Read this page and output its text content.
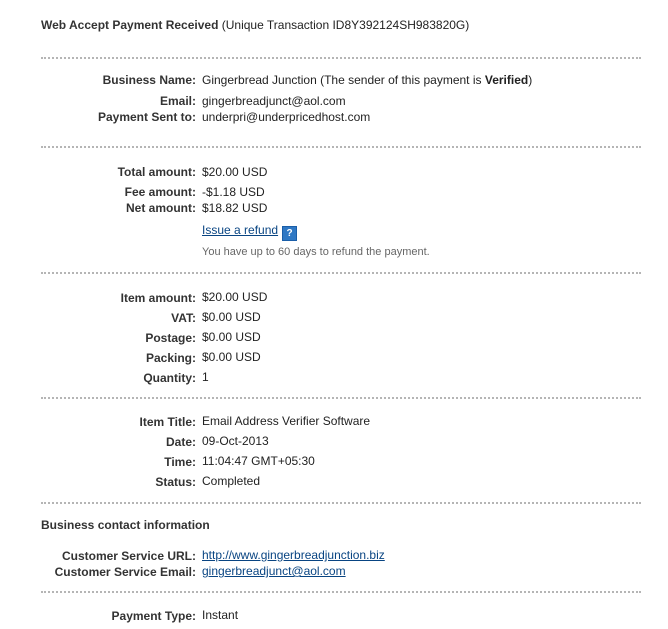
Web Accept Payment Received (Unique Transaction ID8Y392124SH983820G)
Business Name: Gingerbread Junction (The sender of this payment is Verified)
Email: gingerbreadjunct@aol.com
Payment Sent to: underpri@underpricedhost.com
Total amount: $20.00 USD
Fee amount: -$1.18 USD
Net amount: $18.82 USD
Issue a refund ?
You have up to 60 days to refund the payment.
Item amount: $20.00 USD
VAT: $0.00 USD
Postage: $0.00 USD
Packing: $0.00 USD
Quantity: 1
Item Title: Email Address Verifier Software
Date: 09-Oct-2013
Time: 11:04:47 GMT+05:30
Status: Completed
Business contact information
Customer Service URL: http://www.gingerbreadjunction.biz
Customer Service Email: gingerbreadjunct@aol.com
Payment Type: Instant
